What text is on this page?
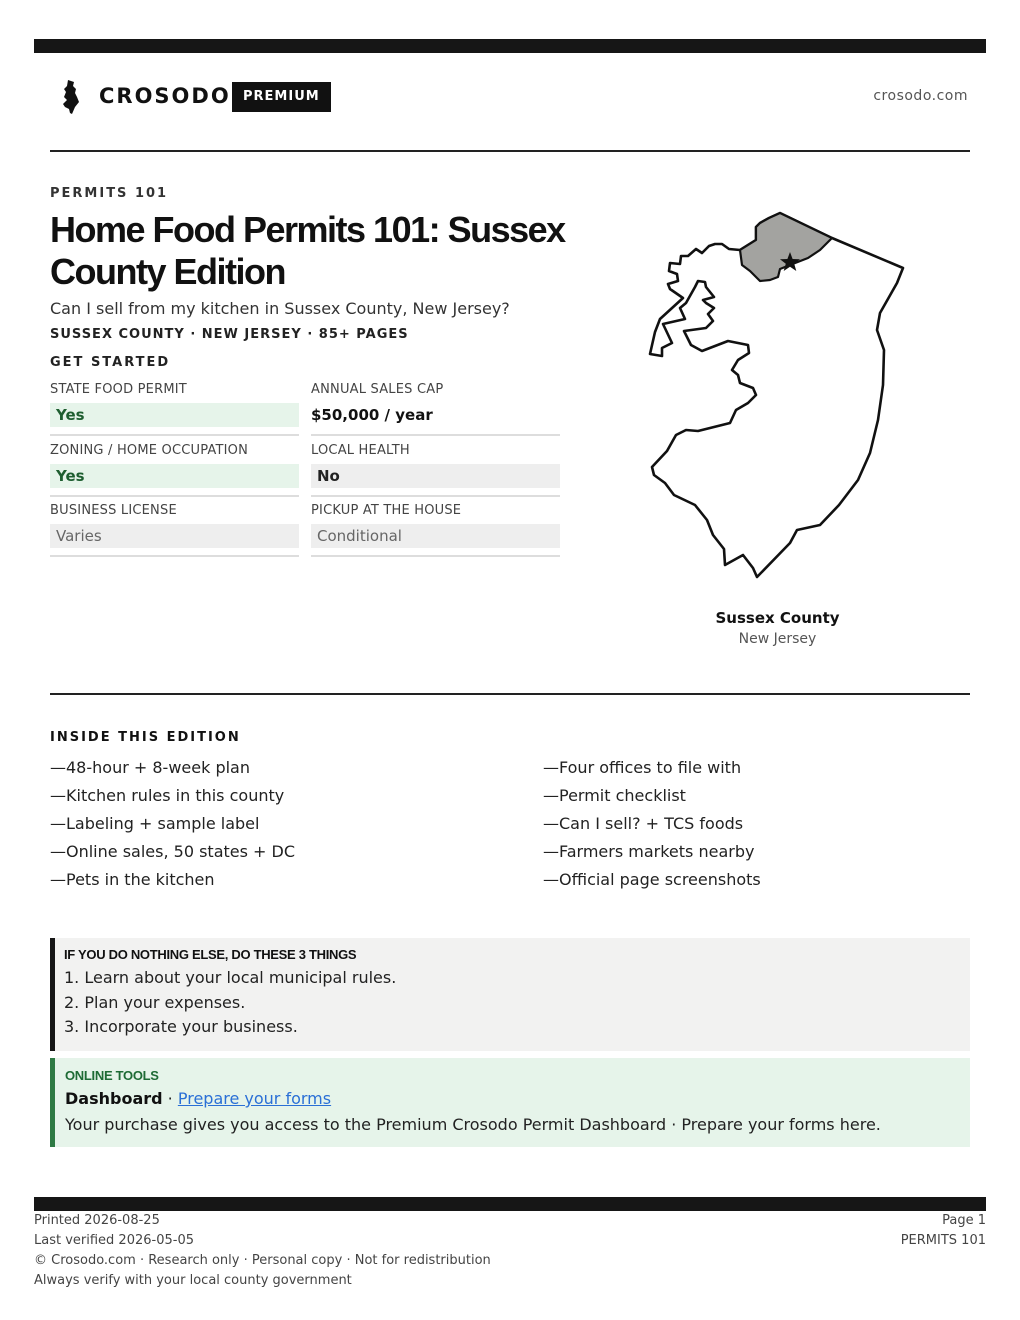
CROSODO PREMIUM	crosodo.com
PERMITS 101
Home Food Permits 101: Sussex County Edition
Can I sell from my kitchen in Sussex County, New Jersey?
SUSSEX COUNTY · NEW JERSEY · 85+ PAGES
GET STARTED
STATE FOOD PERMIT
Yes
ANNUAL SALES CAP
$50,000 / year
ZONING / HOME OCCUPATION
Yes
LOCAL HEALTH
No
BUSINESS LICENSE
Varies
PICKUP AT THE HOUSE
Conditional
Sussex County
New Jersey
INSIDE THIS EDITION
—48-hour + 8-week plan
—Kitchen rules in this county
—Labeling + sample label
—Online sales, 50 states + DC
—Pets in the kitchen
—Four offices to file with
—Permit checklist
—Can I sell? + TCS foods
—Farmers markets nearby
—Official page screenshots
IF YOU DO NOTHING ELSE, DO THESE 3 THINGS
1. Learn about your local municipal rules.
2. Plan your expenses.
3. Incorporate your business.
ONLINE TOOLS
Dashboard · Prepare your forms
Your purchase gives you access to the Premium Crosodo Permit Dashboard · Prepare your forms here.
Printed 2026-08-25
Last verified 2026-05-05
© Crosodo.com · Research only · Personal copy · Not for redistribution
Always verify with your local county government
Page 1
PERMITS 101
